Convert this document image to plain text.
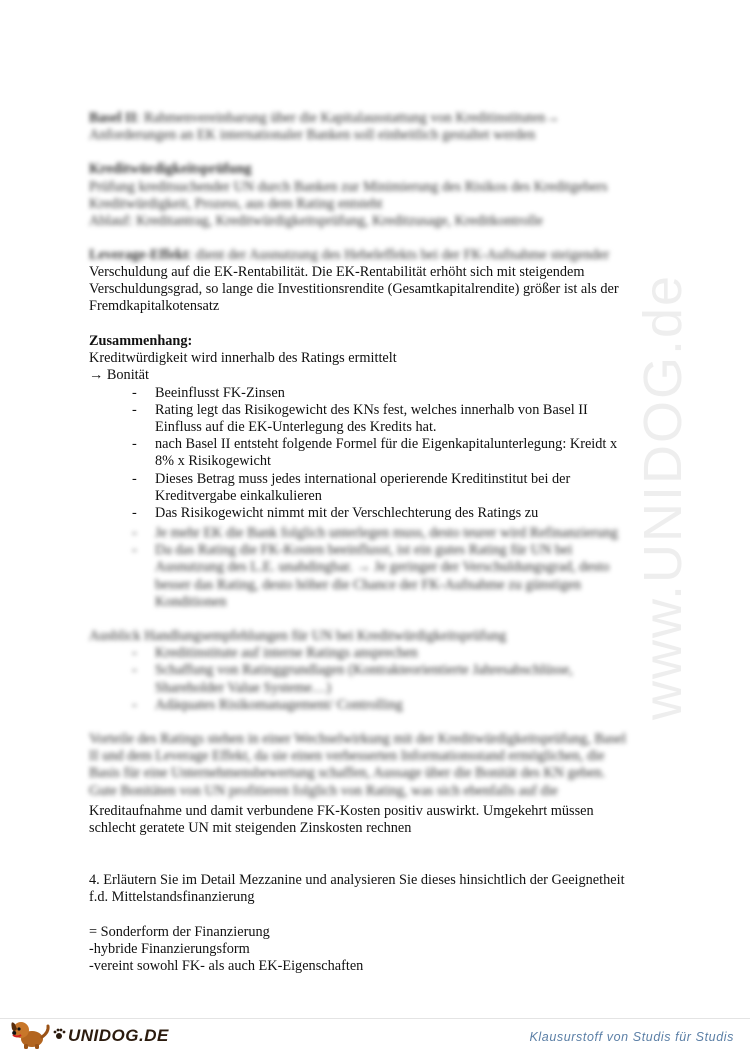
www.UNIDOG.de

Basel II: Rahmenvereinbarung über die Kapitalausstattung von Kreditinstituten→

Anforderungen an EK internationaler Banken soll einheitlich gestaltet werden

Kreditwürdigkeitsprüfung

Prüfung kreditsuchender UN durch Banken zur Minimierung des Risikos des Kreditgebers

Kreditwürdigkeit, Prozess, aus dem Rating entsteht

Ablauf: Kreditantrag, Kreditwürdigkeitsprüfung, Kreditzusage, Kreditkontrolle

Leverage-Effekt: dient der Ausnutzung des Hebeleffekts bei der FK-Aufnahme steigender

Verschuldung auf die EK-Rentabilität. Die EK-Rentabilität erhöht sich mit steigendem

Verschuldungsgrad, so lange die Investitionsrendite (Gesamtkapitalrendite) größer ist als der

Fremdkapitalkotensatz

Zusammenhang:

Kreditwürdigkeit wird innerhalb des Ratings ermittelt

→ Bonität

- Beeinflusst FK-Zinsen
- Rating legt das Risikogewicht des KNs fest, welches innerhalb von Basel II
Einfluss auf die EK-Unterlegung des Kredits hat.
- nach Basel II entsteht folgende Formel für die Eigenkapitalunterlegung: Kreidt x
8% x Risikogewicht
- Dieses Betrag muss jedes international operierende Kreditinstitut bei der
Kreditvergabe einkalkulieren
- Das Risikogewicht nimmt mit der Verschlechterung des Ratings zu
- Je mehr EK die Bank folglich unterlegen muss, desto teurer wird Refinanzierung
- Da das Rating die FK-Kosten beeinflusst, ist ein gutes Rating für UN bei
Ausnutzung des L.E. unabdingbar. → Je geringer der Verschuldungsgrad, desto
besser das Rating, desto höher die Chance der FK-Aufnahme zu günstigen
Konditionen

Ausblick Handlungsempfehlungen für UN bei Kreditwürdigkeitsprüfung

- Kreditinstitute auf interne Ratings ansprechen
- Schaffung von Ratinggrundlagen (Kontrakteorientierte Jahresabschlüsse,
Shareholder Value Systeme…)
- Adäquates Risikomanagement/ Controlling

Vorteile des Ratings stehen in einer Wechselwirkung mit der Kreditwürdigkeitsprüfung, Basel

II und dem Leverage Effekt, da sie einen verbesserten Informationsstand ermöglichen, die

Basis für eine Unternehmensbewertung schaffen, Aussage über die Bonität des KN geben.

Gute Bonitäten von UN profitieren folglich von Rating, was sich ebenfalls auf die

Kreditaufnahme und damit verbundene FK-Kosten positiv auswirkt. Umgekehrt müssen

schlecht geratete UN mit steigenden Zinskosten rechnen

4. Erläutern Sie im Detail Mezzanine und analysieren Sie dieses hinsichtlich der Geeignetheit

f.d. Mittelstandsfinanzierung

= Sonderform der Finanzierung

-hybride Finanzierungsform

-vereint sowohl FK- als auch EK-Eigenschaften

UNIDOG.DE	Klausurstoff von Studis für Studis
